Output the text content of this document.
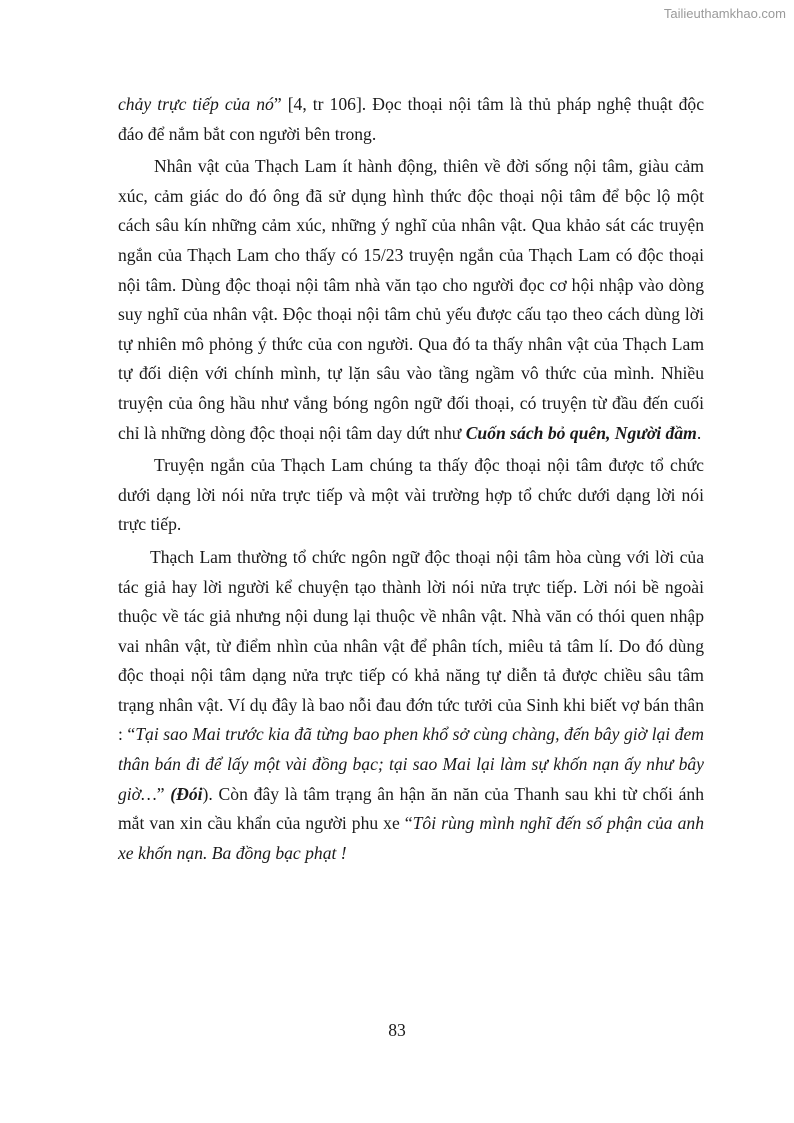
Tailieuthamkhao.com

chảy trực tiếp của nó” [4, tr 106]. Đọc thoại nội tâm là thủ pháp nghệ thuật độc đáo để nắm bắt con người bên trong.

Nhân vật của Thạch Lam ít hành động, thiên về đời sống nội tâm, giàu cảm xúc, cảm giác do đó ông đã sử dụng hình thức độc thoại nội tâm để bộc lộ một cách sâu kín những cảm xúc, những ý nghĩ của nhân vật. Qua khảo sát các truyện ngắn của Thạch Lam cho thấy có 15/23 truyện ngắn của Thạch Lam có độc thoại nội tâm. Dùng độc thoại nội tâm nhà văn tạo cho người đọc cơ hội nhập vào dòng suy nghĩ của nhân vật. Độc thoại nội tâm chủ yếu được cấu tạo theo cách dùng lời tự nhiên mô phỏng ý thức của con người. Qua đó ta thấy nhân vật của Thạch Lam tự đối diện với chính mình, tự lặn sâu vào tầng ngầm vô thức của mình. Nhiều truyện của ông hầu như vắng bóng ngôn ngữ đối thoại, có truyện từ đầu đến cuối chỉ là những dòng độc thoại nội tâm day dứt như Cuốn sách bỏ quên, Người đầm.

Truyện ngắn của Thạch Lam chúng ta thấy độc thoại nội tâm được tổ chức dưới dạng lời nói nửa trực tiếp và một vài trường hợp tổ chức dưới dạng lời nói trực tiếp.

Thạch Lam thường tổ chức ngôn ngữ độc thoại nội tâm hòa cùng với lời của tác giả hay lời người kể chuyện tạo thành lời nói nửa trực tiếp. Lời nói bề ngoài thuộc về tác giả nhưng nội dung lại thuộc về nhân vật. Nhà văn có thói quen nhập vai nhân vật, từ điểm nhìn của nhân vật để phân tích, miêu tả tâm lí. Do đó dùng độc thoại nội tâm dạng nửa trực tiếp có khả năng tự diễn tả được chiều sâu tâm trạng nhân vật. Ví dụ đây là bao nỗi đau đớn tức tưởi của Sinh khi biết vợ bán thân : “Tại sao Mai trước kia đã từng bao phen khổ sở cùng chàng, đến bây giờ lại đem thân bán đi để lấy một vài đồng bạc; tại sao Mai lại làm sự khốn nạn ấy như bây giờ…” (Đói). Còn đây là tâm trạng ân hận ăn năn của Thanh sau khi từ chối ánh mắt van xin cầu khẩn của người phu xe “Tôi rùng mình nghĩ đến số phận của anh xe khốn nạn. Ba đồng bạc phạt !

83
